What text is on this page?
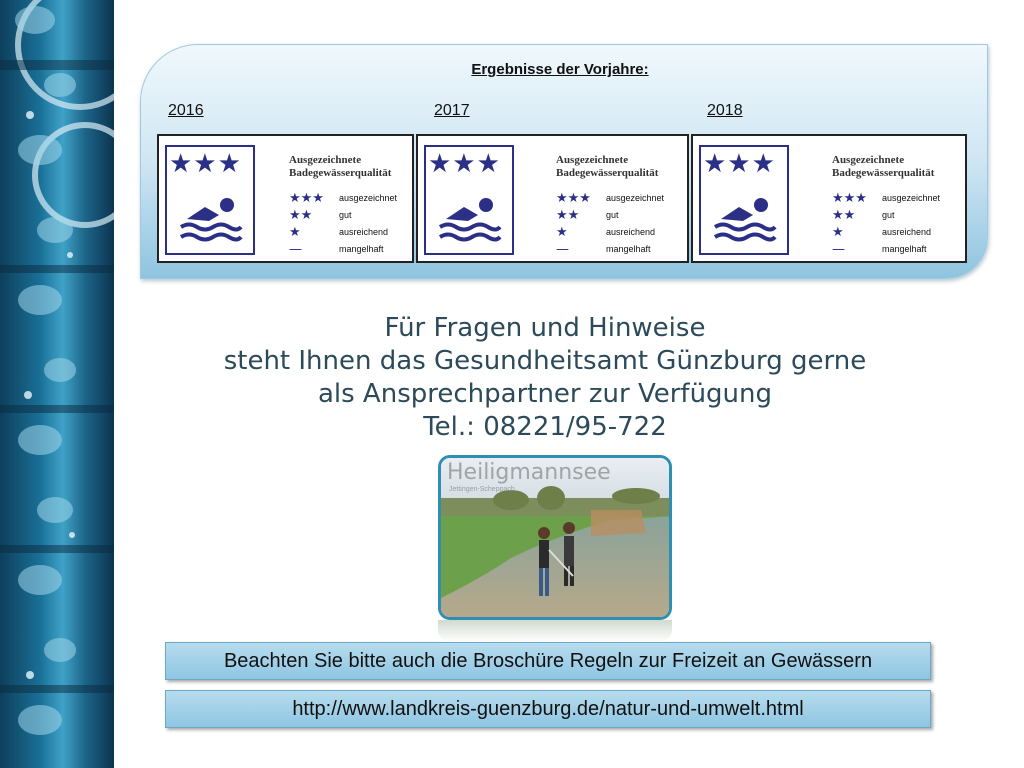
Ergebnisse der Vorjahre:
2016	2017	2018
★★★	Ausgezeichnete
Badegewässerqualität
★★★	ausgezeichnet
★★	gut
★	ausreichend
—	mangelhaft
★★★	Ausgezeichnete
Badegewässerqualität
★★★	ausgezeichnet
★★	gut
★	ausreichend
—	mangelhaft
★★★	Ausgezeichnete
Badegewässerqualität
★★★	ausgezeichnet
★★	gut
★	ausreichend
—	mangelhaft
Für Fragen und Hinweise
steht Ihnen das Gesundheitsamt Günzburg gerne
als Ansprechpartner zur Verfügung
Tel.: 08221/95-722
Heiligmannsee
Jettingen-Scheppach
Beachten Sie bitte auch die Broschüre Regeln zur Freizeit an Gewässern
http://www.landkreis-guenzburg.de/natur-und-umwelt.html
